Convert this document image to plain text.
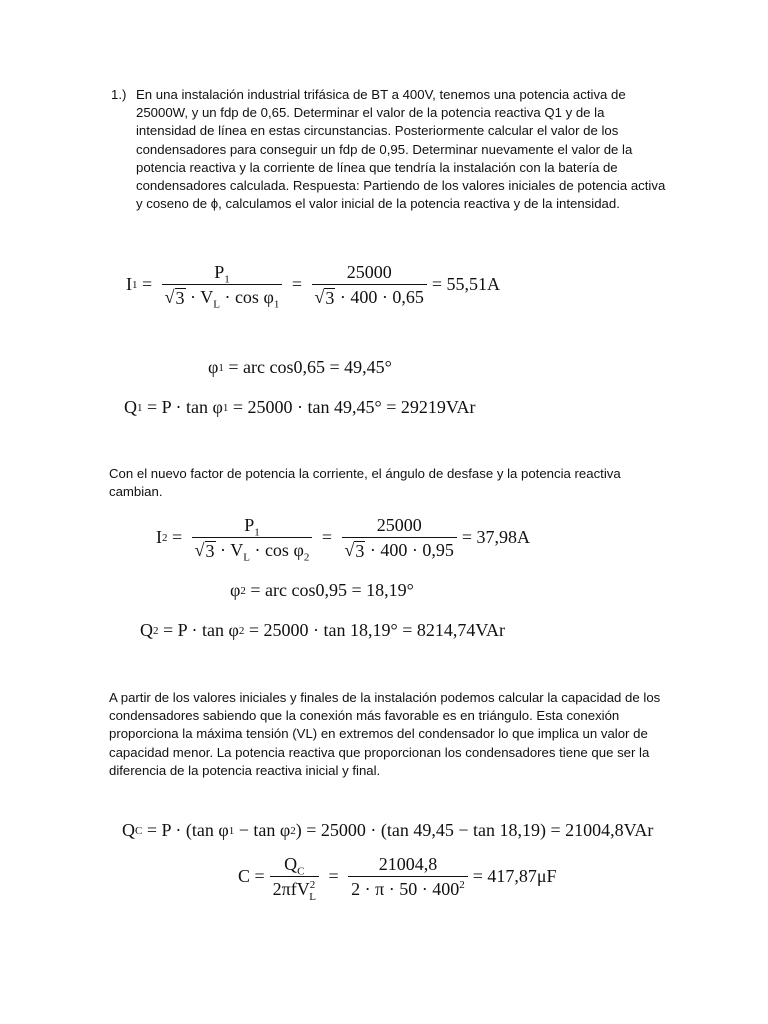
1.) En una instalación industrial trifásica de BT a 400V, tenemos una potencia activa de
25000W, y un fdp de 0,65. Determinar el valor de la potencia reactiva Q1 y de la
intensidad de línea en estas circunstancias. Posteriormente calcular el valor de los
condensadores para conseguir un fdp de 0,95. Determinar nuevamente el valor de la
potencia reactiva y la corriente de línea que tendría la instalación con la batería de
condensadores calculada. Respuesta: Partiendo de los valores iniciales de potencia activa
y coseno de ϕ, calculamos el valor inicial de la potencia reactiva y de la intensidad.
I $1 = \frac{P_1}{√ 3 \cdot V_L \cdot \cos \varphi_1} = \frac{25000}{√ 3 \cdot 400 \cdot 0,65} = 55,51A$
φ 1 = arc cos0,65 = 49,45°
Q 1 = P · tan φ 1 = 25000 · tan 49,45° = 29219VAr
Con el nuevo factor de potencia la corriente, el ángulo de desfase y la potencia reactiva
cambian.
I $2 = \frac{P_1}{√ 3 \cdot V_L \cdot \cos \varphi_2} = \frac{25000}{√ 3 \cdot 400 \cdot 0,95} = 37,98A$
φ 2 = arc cos0,95 = 18,19°
Q 2 = P · tan φ 2 = 25000 · tan 18,19° = 8214,74VAr
A partir de los valores iniciales y finales de la instalación podemos calcular la capacidad de los
condensadores sabiendo que la conexión más favorable es en triángulo. Esta conexión
proporciona la máxima tensión (VL) en extremos del condensador lo que implica un valor de
capacidad menor. La potencia reactiva que proporcionan los condensadores tiene que ser la
diferencia de la potencia reactiva inicial y final.
Q C = P · (tan φ 1 − tan φ 2 ) = 25000 · (tan 49,45 − tan 18,19) = 21004,8VAr
$C = \frac{Q_C}{2\pi fV^2_L} = \frac{21004,8}{2 \cdot \pi \cdot 50 \cdot 400^2} = 417,87\mu F$
